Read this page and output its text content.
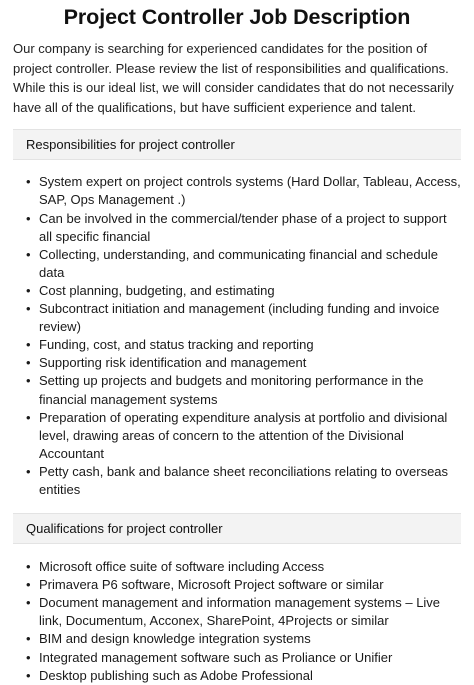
Project Controller Job Description

Our company is searching for experienced candidates for the position of project controller. Please review the list of responsibilities and qualifications. While this is our ideal list, we will consider candidates that do not necessarily have all of the qualifications, but have sufficient experience and talent.

Responsibilities for project controller
• System expert on project controls systems (Hard Dollar, Tableau, Access, SAP, Ops Management .)
• Can be involved in the commercial/tender phase of a project to support all specific financial
• Collecting, understanding, and communicating financial and schedule data
• Cost planning, budgeting, and estimating
• Subcontract initiation and management (including funding and invoice review)
• Funding, cost, and status tracking and reporting
• Supporting risk identification and management
• Setting up projects and budgets and monitoring performance in the financial management systems
• Preparation of operating expenditure analysis at portfolio and divisional level, drawing areas of concern to the attention of the Divisional Accountant
• Petty cash, bank and balance sheet reconciliations relating to overseas entities
Qualifications for project controller
• Microsoft office suite of software including Access
• Primavera P6 software, Microsoft Project software or similar
• Document management and information management systems – Live link, Documentum, Acconex, SharePoint, 4Projects or similar
• BIM and design knowledge integration systems
• Integrated management software such as Proliance or Unifier
• Desktop publishing such as Adobe Professional
